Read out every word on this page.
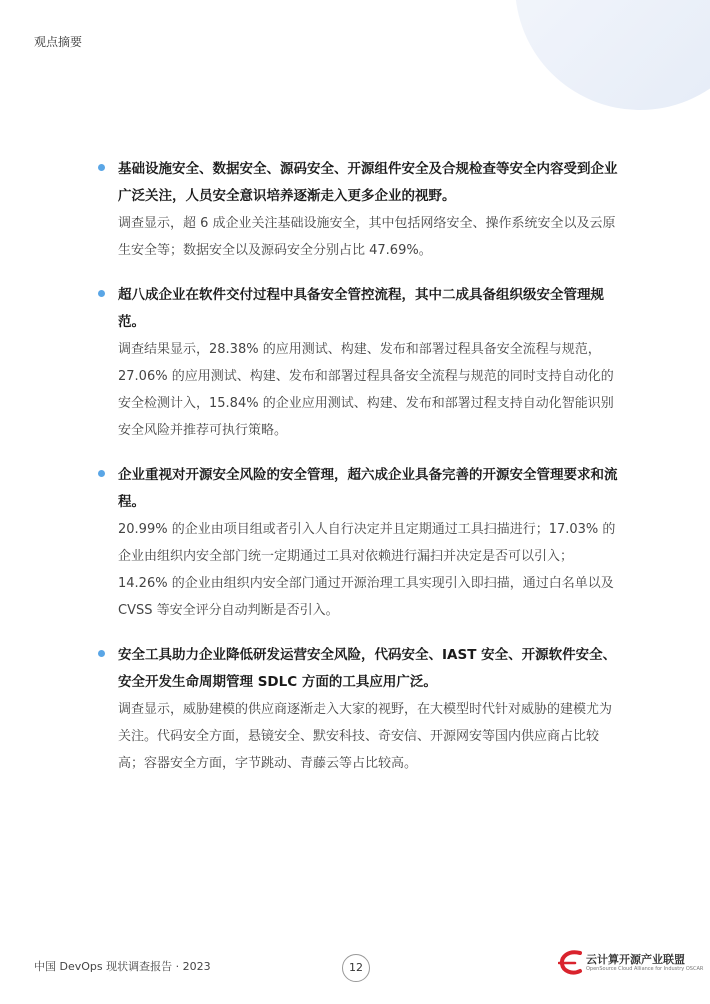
观点摘要

基础设施安全、数据安全、源码安全、开源组件安全及合规检查等安全内容受到企业广泛关注，人员安全意识培养逐渐走入更多企业的视野。

调查显示，超 6 成企业关注基础设施安全，其中包括网络安全、操作系统安全以及云原生安全等；数据安全以及源码安全分别占比 47.69%。

超八成企业在软件交付过程中具备安全管控流程，其中二成具备组织级安全管理规范。

调查结果显示，28.38% 的应用测试、构建、发布和部署过程具备安全流程与规范，27.06% 的应用测试、构建、发布和部署过程具备安全流程与规范的同时支持自动化的安全检测计入，15.84% 的企业应用测试、构建、发布和部署过程支持自动化智能识别安全风险并推荐可执行策略。

企业重视对开源安全风险的安全管理，超六成企业具备完善的开源安全管理要求和流程。

20.99% 的企业由项目组或者引入人自行决定并且定期通过工具扫描进行；17.03% 的企业由组织内安全部门统一定期通过工具对依赖进行漏扫并决定是否可以引入；14.26% 的企业由组织内安全部门通过开源治理工具实现引入即扫描，通过白名单以及 CVSS 等安全评分自动判断是否引入。

安全工具助力企业降低研发运营安全风险，代码安全、IAST 安全、开源软件安全、安全开发生命周期管理 SDLC 方面的工具应用广泛。

调查显示，威胁建模的供应商逐渐走入大家的视野，在大模型时代针对威胁的建模尤为关注。代码安全方面，悬镜安全、默安科技、奇安信、开源网安等国内供应商占比较高；容器安全方面，字节跳动、青藤云等占比较高。

中国 DevOps 现状调查报告 · 2023	12
云计算开源产业联盟
OpenSource Cloud Alliance for Industry OSCAR
